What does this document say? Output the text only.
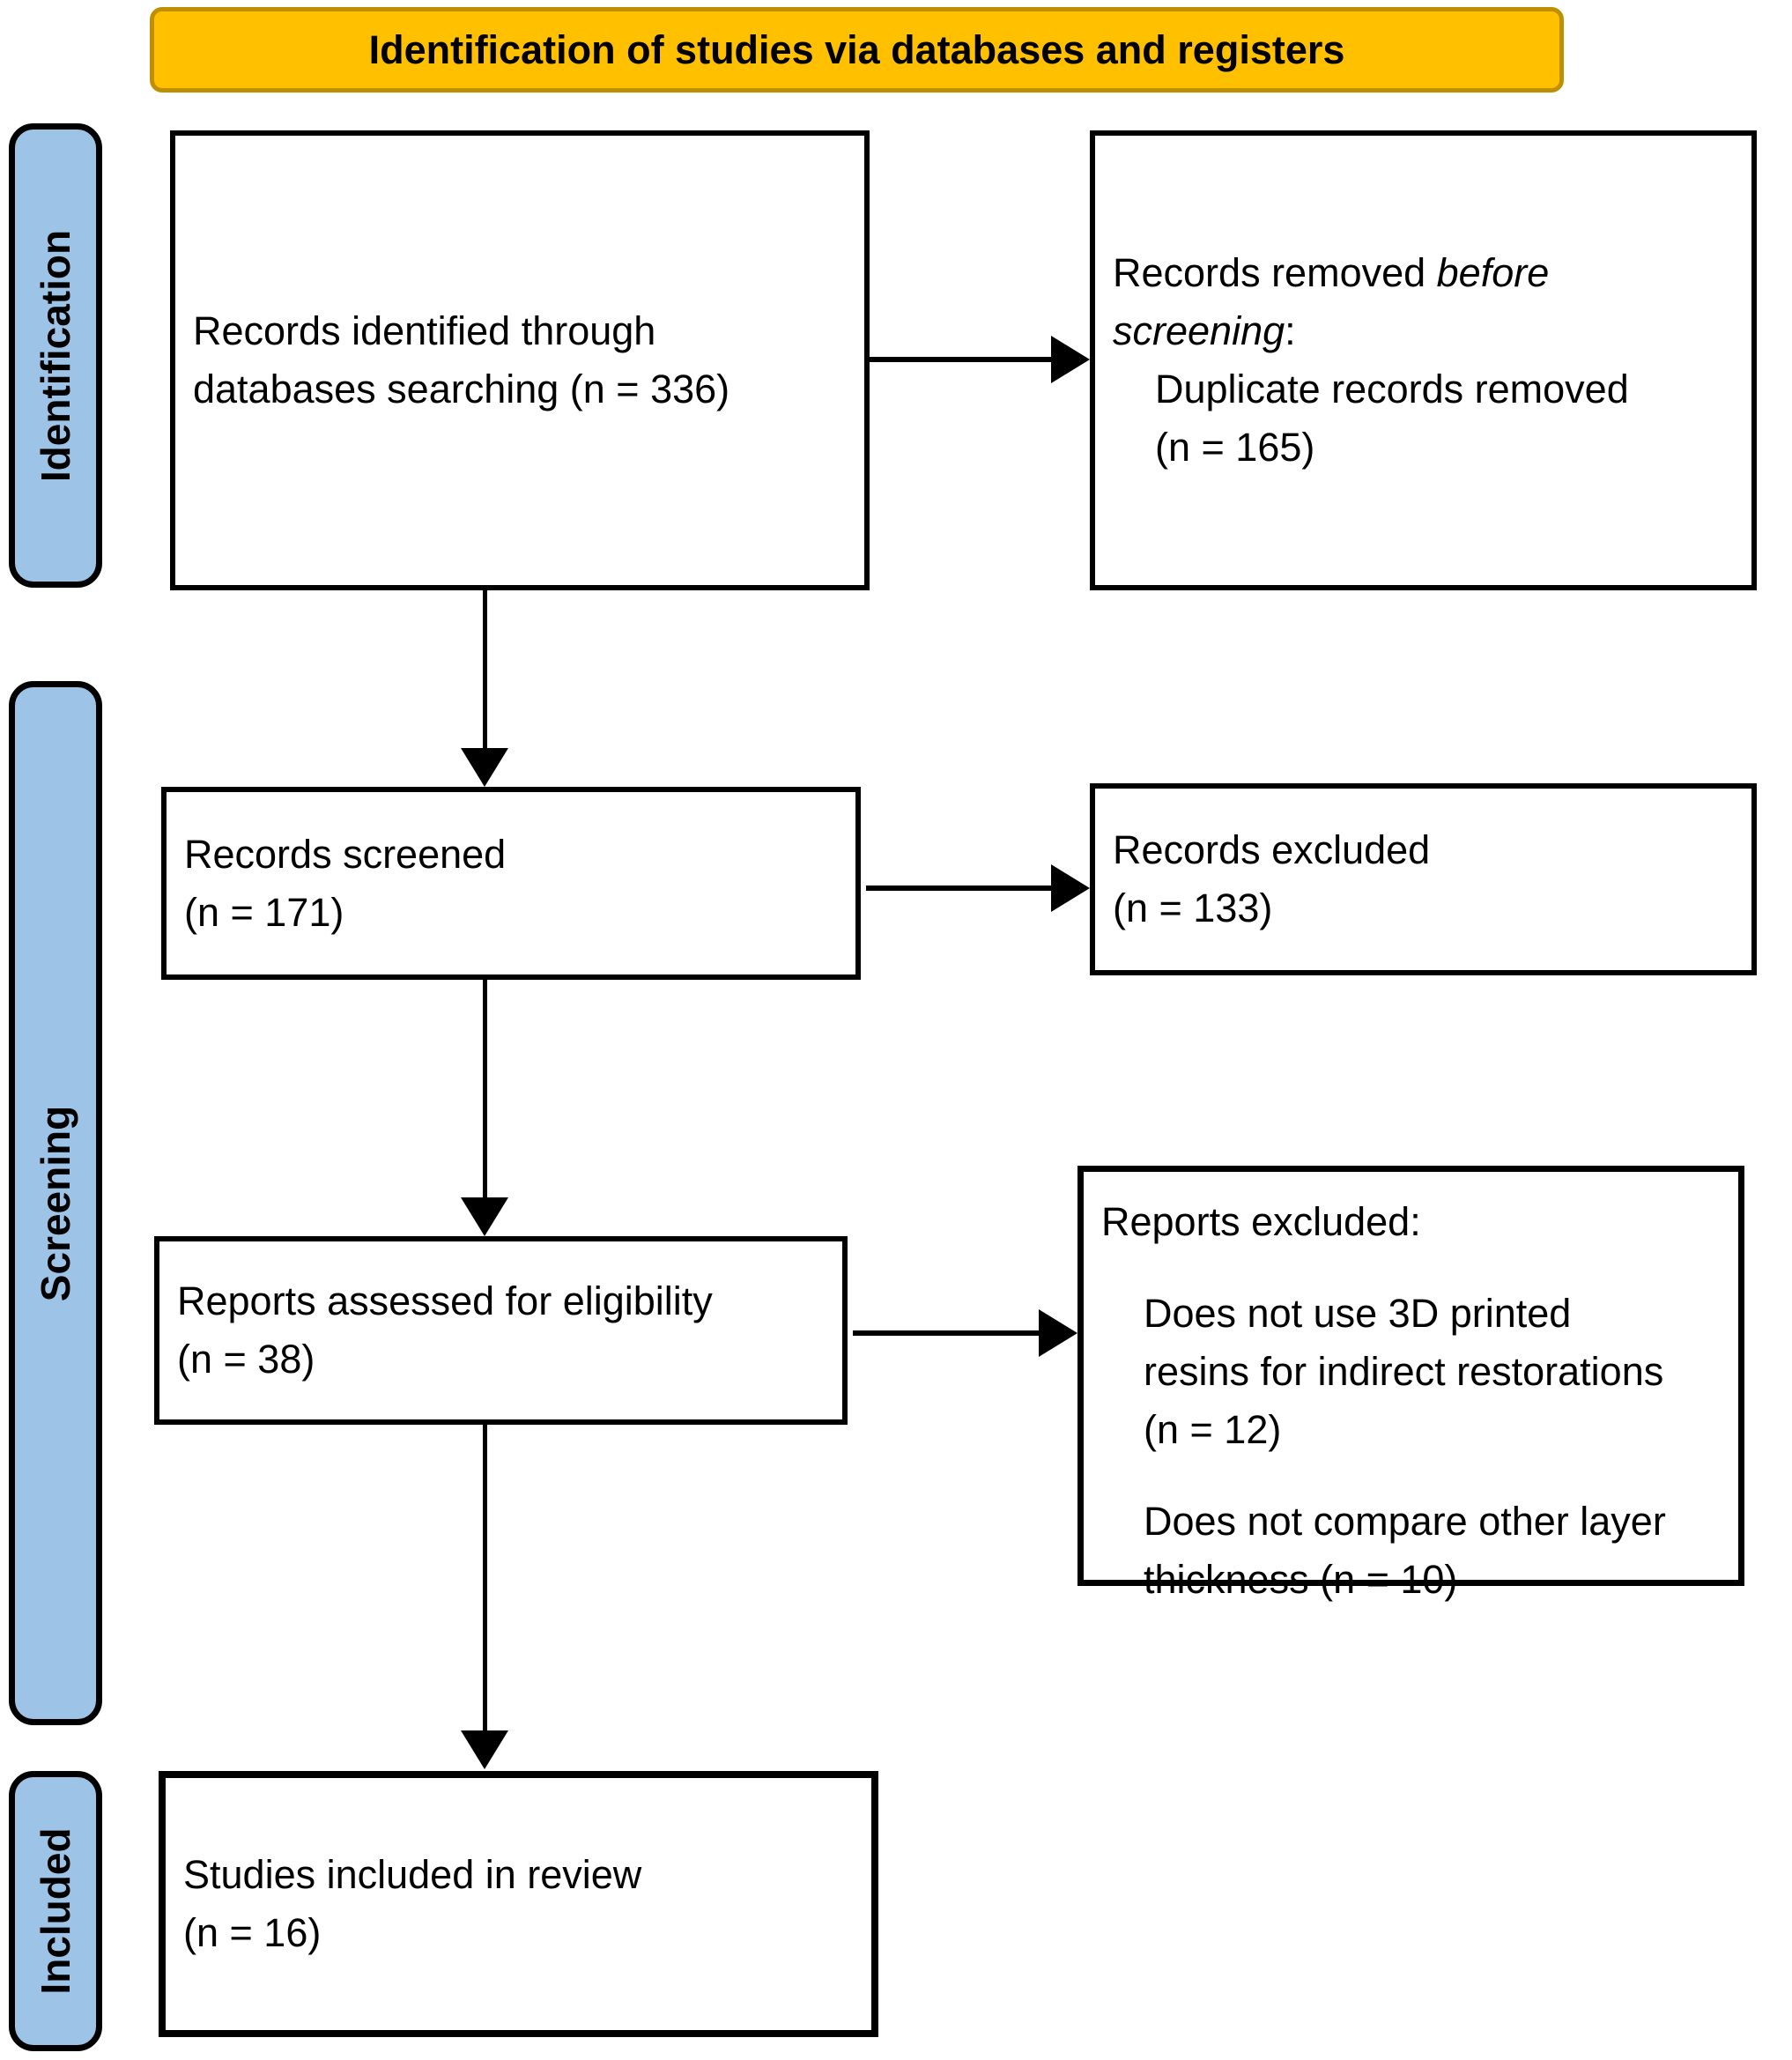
Identification of studies via databases and registers
Identification
Screening
Included
Records identified through
databases searching (n = 336)
Records removed before screening:
Duplicate records removed
(n = 165)
Records screened
(n = 171)
Records excluded
(n = 133)
Reports assessed for eligibility
(n = 38)
Reports excluded:
Does not use 3D printed
resins for indirect restorations
(n = 12)
Does not compare other layer
thickness (n = 10)
Studies included in review
(n = 16)
